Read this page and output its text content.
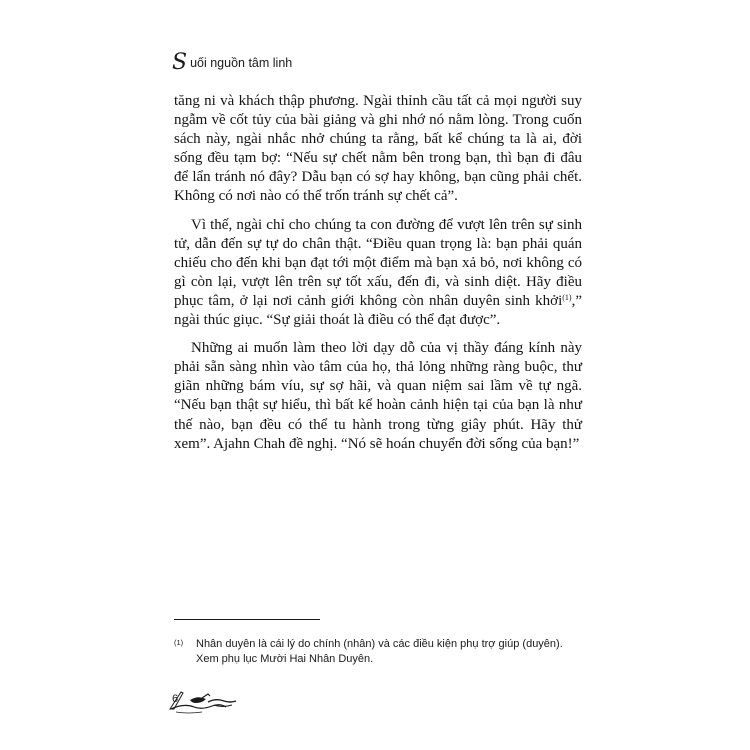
S uối nguồn tâm linh

tăng ni và khách thập phương. Ngài thỉnh cầu tất cả mọi người suy ngẫm về cốt tủy của bài giảng và ghi nhớ nó nằm lòng. Trong cuốn sách này, ngài nhắc nhở chúng ta rằng, bất kể chúng ta là ai, đời sống đều tạm bợ: “Nếu sự chết nằm bên trong bạn, thì bạn đi đâu để lẩn tránh nó đây? Dẫu bạn có sợ hay không, bạn cũng phải chết. Không có nơi nào có thể trốn tránh sự chết cả”.

Vì thế, ngài chỉ cho chúng ta con đường để vượt lên trên sự sinh tử, dẫn đến sự tự do chân thật. “Điều quan trọng là: bạn phải quán chiếu cho đến khi bạn đạt tới một điểm mà bạn xả bỏ, nơi không có gì còn lại, vượt lên trên sự tốt xấu, đến đi, và sinh diệt. Hãy điều phục tâm, ở lại nơi cảnh giới không còn nhân duyên sinh khởi$^{(1)}$,” ngài thúc giục. “Sự giải thoát là điều có thể đạt được”.

Những ai muốn làm theo lời dạy dỗ của vị thầy đáng kính này phải sẵn sàng nhìn vào tâm của họ, thả lỏng những ràng buộc, thư giãn những bám víu, sự sợ hãi, và quan niệm sai lầm về tự ngã. “Nếu bạn thật sự hiểu, thì bất kể hoàn cảnh hiện tại của bạn là như thế nào, bạn đều có thể tu hành trong từng giây phút. Hãy thử xem”. Ajahn Chah đề nghị. “Nó sẽ hoán chuyển đời sống của bạn!”

(1)	Nhân duyên là cái lý do chính (nhân) và các điều kiện phụ trợ giúp (duyên). Xem phụ lục Mười Hai Nhân Duyên.
6
